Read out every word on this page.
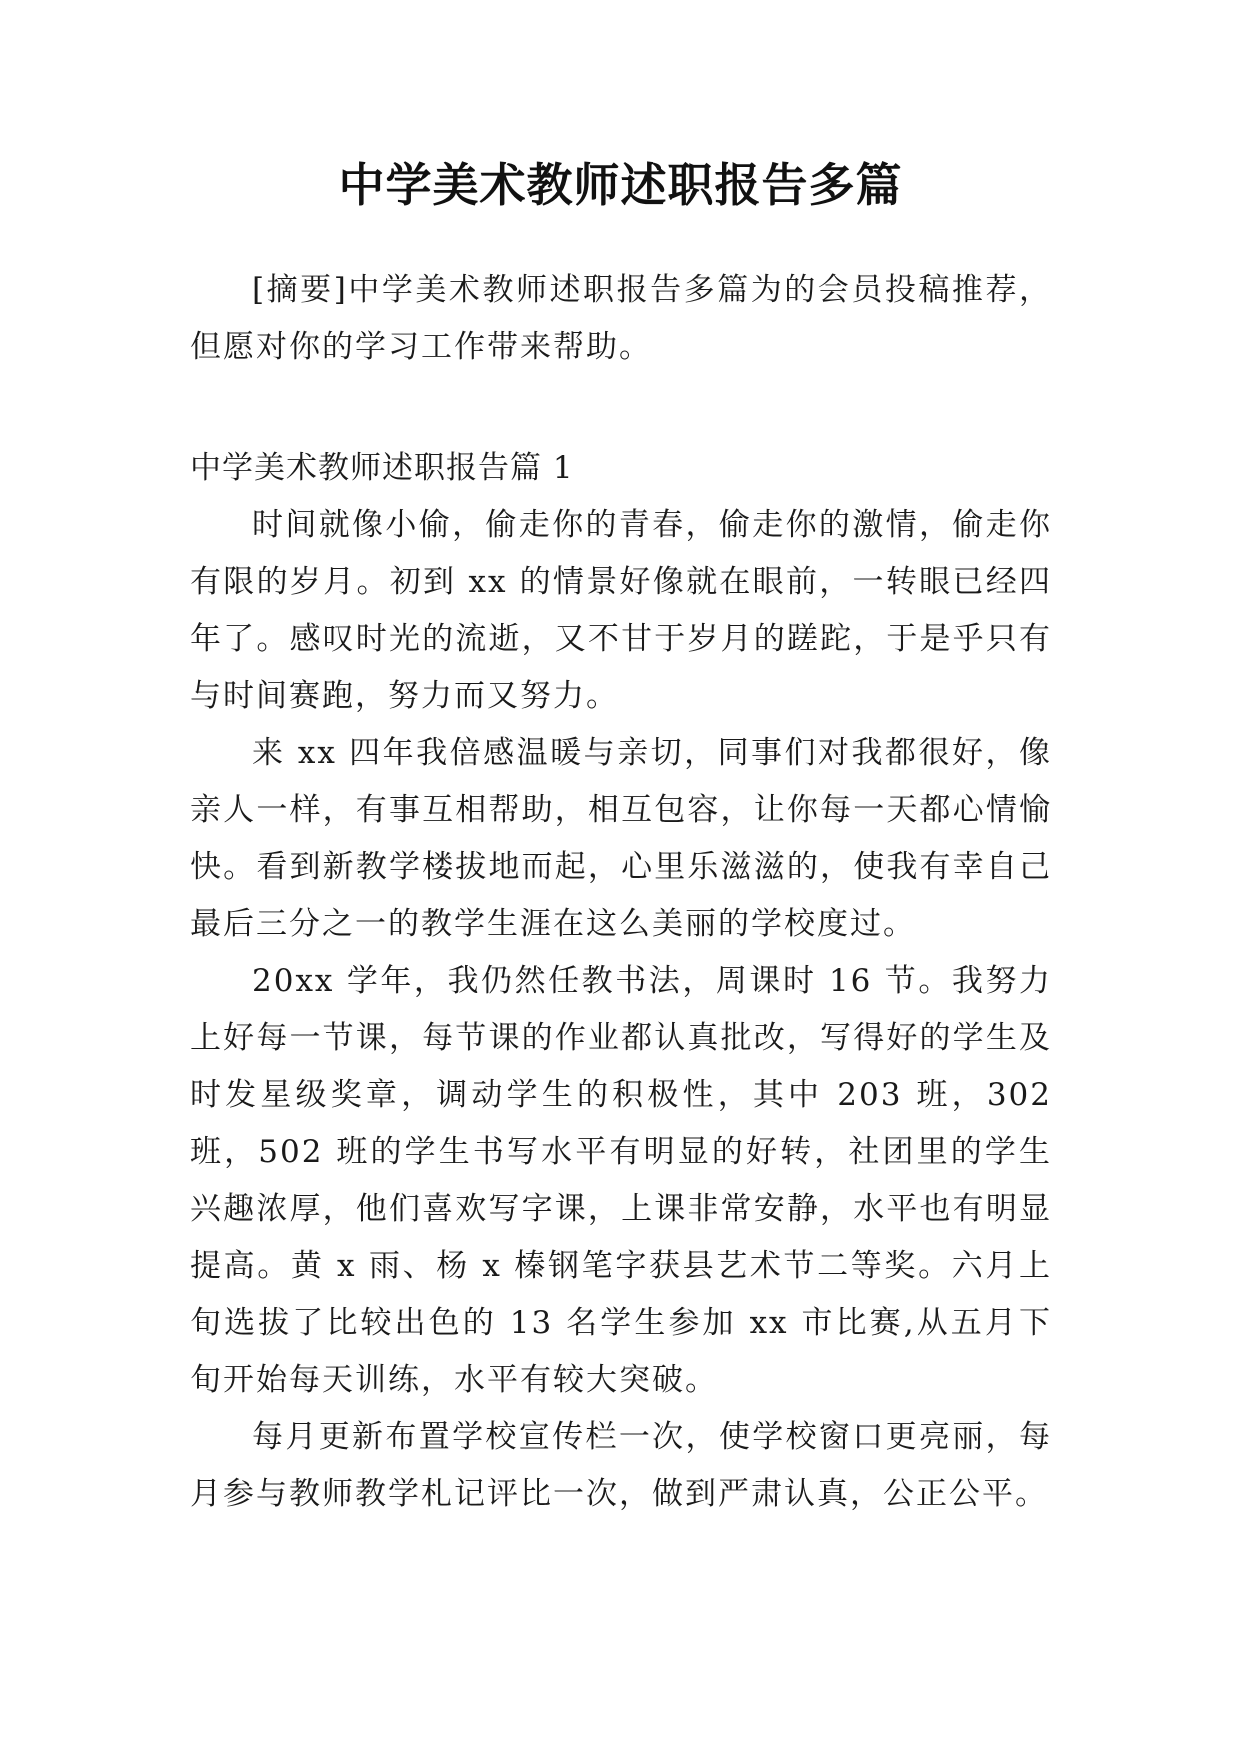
中学美术教师述职报告多篇

[摘要]中学美术教师述职报告多篇为的会员投稿推荐，但愿对你的学习工作带来帮助。

中学美术教师述职报告篇 1

时间就像小偷，偷走你的青春，偷走你的激情，偷走你有限的岁月。初到 xx 的情景好像就在眼前，一转眼已经四年了。感叹时光的流逝，又不甘于岁月的蹉跎，于是乎只有与时间赛跑，努力而又努力。

来 xx 四年我倍感温暖与亲切，同事们对我都很好，像亲人一样，有事互相帮助，相互包容，让你每一天都心情愉快。看到新教学楼拔地而起，心里乐滋滋的，使我有幸自己最后三分之一的教学生涯在这么美丽的学校度过。

20xx 学年，我仍然任教书法，周课时 16 节。我努力上好每一节课，每节课的作业都认真批改，写得好的学生及时发星级奖章，调动学生的积极性，其中 203 班，302 班，502 班的学生书写水平有明显的好转，社团里的学生兴趣浓厚，他们喜欢写字课，上课非常安静，水平也有明显提高。黄 x 雨、杨 x 榛钢笔字获县艺术节二等奖。六月上旬选拔了比较出色的 13 名学生参加 xx 市比赛,从五月下旬开始每天训练，水平有较大突破。

每月更新布置学校宣传栏一次，使学校窗口更亮丽，每月参与教师教学札记评比一次，做到严肃认真，公正公平。
